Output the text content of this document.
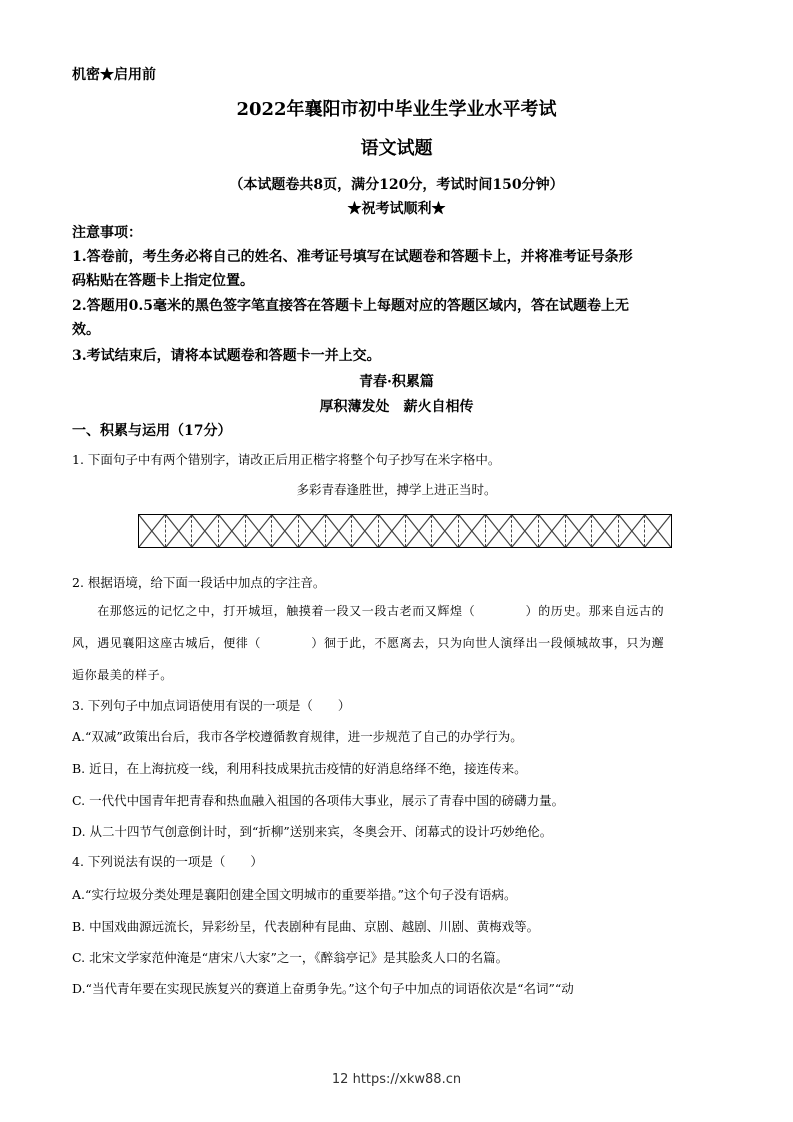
机密★启用前
2022年襄阳市初中毕业生学业水平考试
语文试题
（本试题卷共8页，满分120分，考试时间150分钟）
★祝考试顺利★
注意事项：
1.答卷前，考生务必将自己的姓名、准考证号填写在试题卷和答题卡上，并将准考证号条形
码粘贴在答题卡上指定位置。
2.答题用0.5毫米的黑色签字笔直接答在答题卡上每题对应的答题区域内，答在试题卷上无
效。
3.考试结束后，请将本试题卷和答题卡一并上交。
青春·积累篇
厚积薄发处　薪火自相传
一、积累与运用（17分）
1. 下面句子中有两个错别字，请改正后用正楷字将整个句子抄写在米字格中。
多彩青春逢胜世，搏学上进正当时。
2. 根据语境，给下面一段话中加点的字注音。
　　在那悠远的记忆之中，打开城垣，触摸着一段又一段古老而又辉煌（　　　　）的历史。那来自远古的
风，遇见襄阳这座古城后，便徘（　　　　）徊于此，不愿离去，只为向世人演绎出一段倾城故事，只为邂
逅你最美的样子。
3. 下列句子中加点词语使用有误的一项是（　　）
A.“双减”政策出台后，我市各学校遵循教育规律，进一步规范了自己的办学行为。
B. 近日，在上海抗疫一线，利用科技成果抗击疫情的好消息络绎不绝，接连传来。
C. 一代代中国青年把青春和热血融入祖国的各项伟大事业，展示了青春中国的磅礴力量。
D. 从二十四节气创意倒计时，到“折柳”送别来宾，冬奥会开、闭幕式的设计巧妙绝伦。
4. 下列说法有误的一项是（　　）
A.“实行垃圾分类处理是襄阳创建全国文明城市的重要举措。”这个句子没有语病。
B. 中国戏曲源远流长，异彩纷呈，代表剧种有昆曲、京剧、越剧、川剧、黄梅戏等。
C. 北宋文学家范仲淹是“唐宋八大家”之一，《醉翁亭记》是其脍炙人口的名篇。
D.“当代青年要在实现民族复兴的赛道上奋勇争先。”这个句子中加点的词语依次是“名词”“动
12 https://xkw88.cn
